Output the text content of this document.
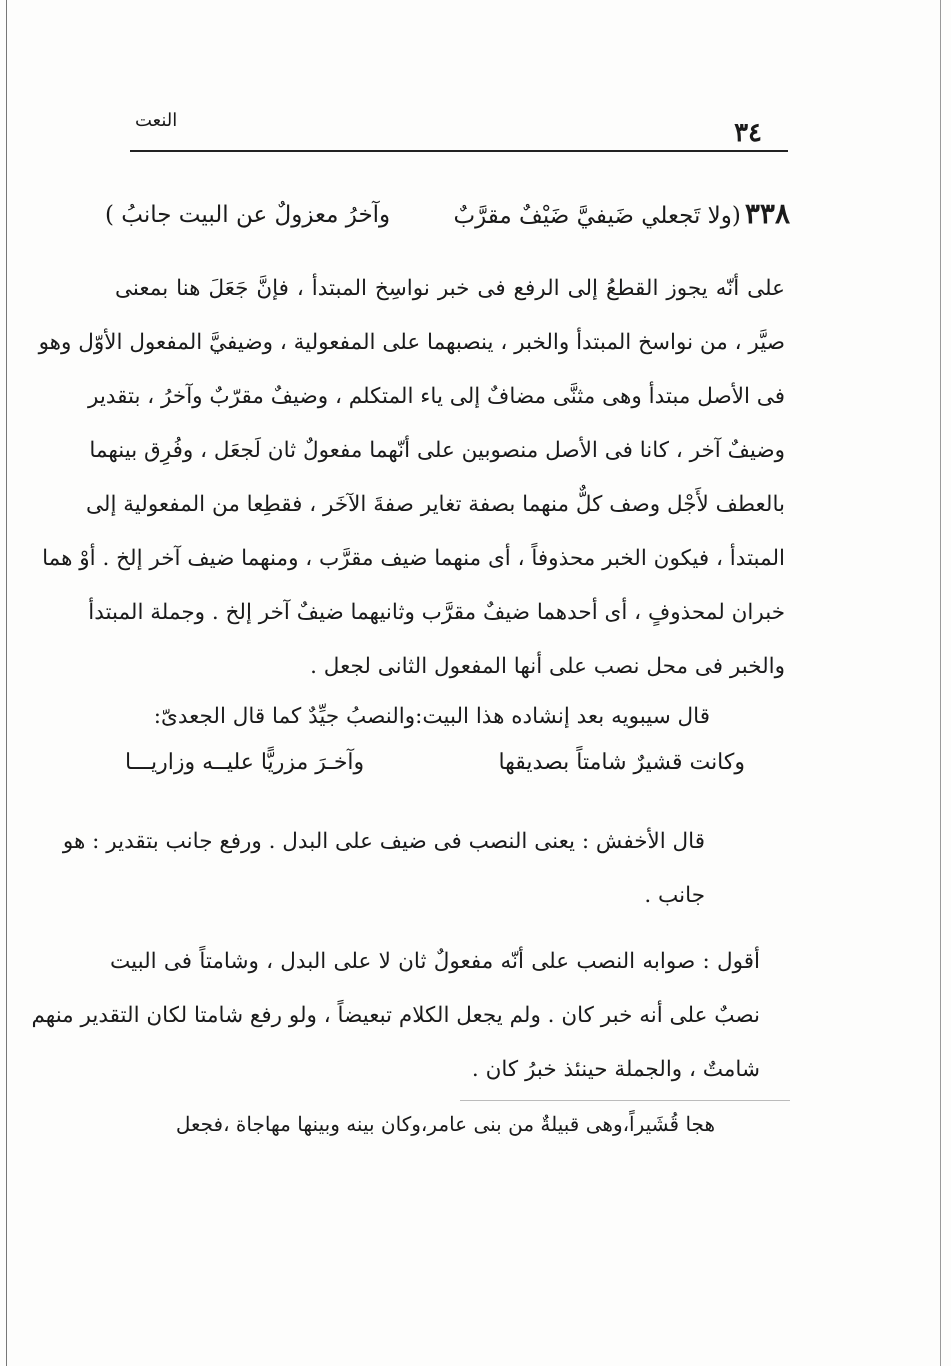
٣٤
النعت
٣٣٨(ولا تَجعلي ضَيفيَّ ضَيْفٌ مقرَّبٌ
وآخرُ معزولٌ عن البيت جانبُ )
على أنّه يجوز القطعُ إلى الرفع فى خبر نواسِخ المبتدأ ، فإنَّ جَعَلَ هنا بمعنى
صيَّر ، من نواسخ المبتدأ والخبر ، ينصبهما على المفعولية ، وضيفيَّ المفعول الأوّل وهو
فى الأصل مبتدأ وهى مثنَّى مضافٌ إلى ياء المتكلم ، وضيفٌ مقرّبٌ وآخرُ ، بتقدير
وضيفٌ آخر ، كانا فى الأصل منصوبين على أنّهما مفعولٌ ثان لَجعَل ، وفُرِق بينهما
بالعطف لأَجْل وصف كلٌّ منهما بصفة تغاير صفةَ الآخَر ، فقطِعا من المفعولية إلى
المبتدأ ، فيكون الخبر محذوفاً ، أى منهما ضيف مقرَّب ، ومنهما ضيف آخر إلخ . أوْ هما
خبران لمحذوفٍ ، أى أحدهما ضيفٌ مقرَّب وثانيهما ضيفٌ آخر إلخ . وجملة المبتدأ
والخبر فى محل نصب على أنها المفعول الثانى لجعل .
قال سيبويه بعد إنشاده هذا البيت:والنصبُ جيِّدٌ كما قال الجعدىّ:
وكانت قشيرٌ شامتاً بصديقها
وآخـرَ مزريًّا عليــه وزاريـــا
قال الأخفش : يعنى النصب فى ضيف على البدل . ورفع جانب بتقدير : هو
جانب .
أقول : صوابه النصب على أنّه مفعولٌ ثان لا على البدل ، وشامتاً فى البيت
نصبٌ على أنه خبر كان . ولم يجعل الكلام تبعيضاً ، ولو رفع شامتا لكان التقدير منهم
شامتٌ ، والجملة حينئذ خبرُ كان .
هجا قُشَيراً،وهى قبيلةٌ من بنى عامر،وكان بينه وبينها مهاجاة ،فجعل
